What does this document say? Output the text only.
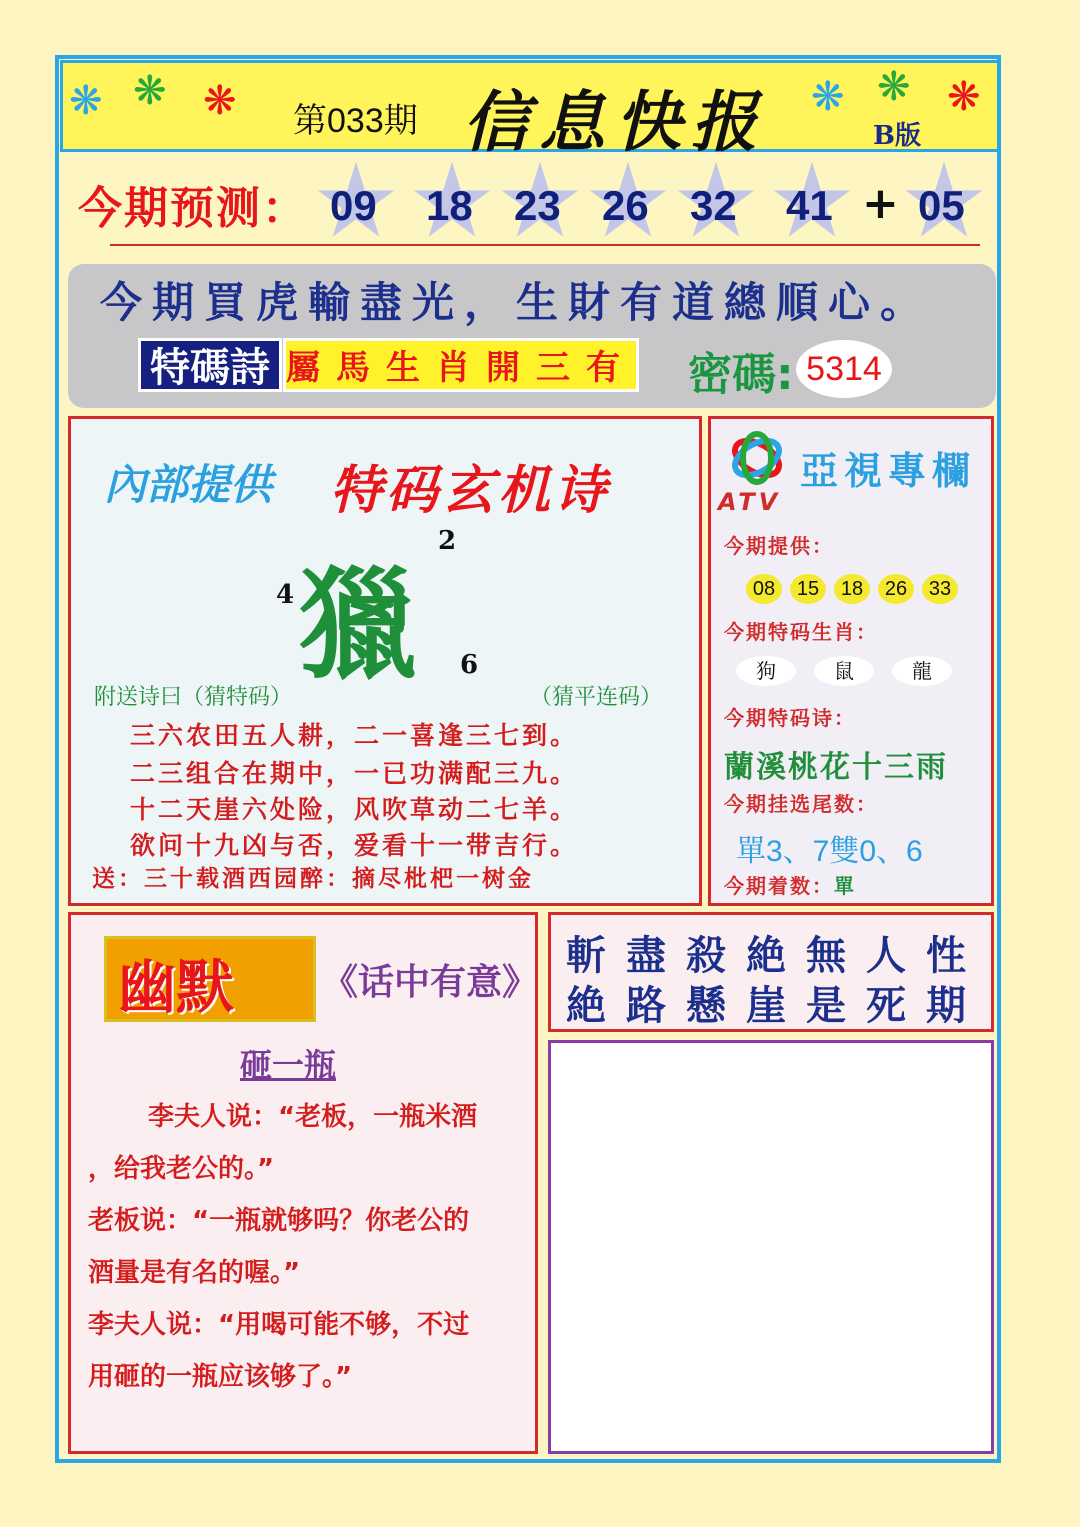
❋ ❋ ❋ 第033期 信息快报 ❋ ❋ ❋
B版
今期预测： 09 18 23 26 32 41 05
+
今期買虎輸盡光，生財有道總順心。
特碼詩 屬馬生肖開三有 密碼: 5314
內部提供 特码玄机诗
獵
2
4
6
附送诗曰（猜特码）	（猜平连码）
三六农田五人耕，二一喜逢三七到。
二三组合在期中，一已功满配三九。
十二天崖六处险，风吹草动二七羊。
欲问十九凶与否，爱看十一带吉行。
送：三十载酒西园醉：摘尽枇杷一树金
ATV
亞視專欄
今期提供：
08	15	18	26	33
今期特码生肖：
狗	鼠	龍
今期特码诗：
蘭溪桃花十三雨
今期挂选尾数：
單3、7雙0、6
今期着数：單
幽默 《话中有意》
砸一瓶
李夫人说：“老板，一瓶米酒
，给我老公的。”
老板说：“一瓶就够吗？你老公的
酒量是有名的喔。”
李夫人说：“用喝可能不够，不过
用砸的一瓶应该够了。”
斬盡殺絶無人性
絶路懸崖是死期
